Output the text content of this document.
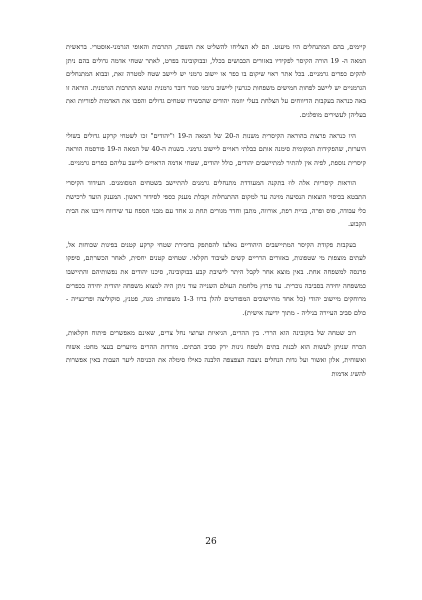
קיימים, בהם המתנחלים היו מיעוט. הם לא הצליחו להשליט את השפה, התרבות והאופי הגרמני-אוסטרי. בראשית המאה ה- 19 הורה הקיסר לפקידיו באזורים הכבושים בכלל, ובבוקובינה בפרט, לאתר שטחי אדמה גדולים בהם ניתן להקים כפרים גרמניים. בכל אתר ראוי שיקום בו כפר או יישוב גרמני יש ליישב שטח למטרה זאת, ובבוא המתנחלים הגרמניים יש ליישב לפחות חמישים משפחות כגרעין ליישוב גרמני סגור דובר גרמנית ונושא התרבות הגרמנית. הוראה זו באה כנראה בעקבות הדיווחים על הצלחת בעלי יוזמה יהודים שהכשירו שטחים גדולים והפכו את האדמות לפוריות ואת בעליהן לעשירים מופלגים.

היו כנראה פרצות בהוראה הקיסרית משנות ה-20 של המאה ה-19 ו"יהודים" זכו לשטחי קרקע גדולים בשולי היערות, שהפקידות המקומית סימנה אותם כבלתי ראויים ליישוב גרמני. בשנות ה-40 של המאה ה-19 פורסמה הוראה קיסרית נוספת, לפיה אין להתיר למתיישבים יהודים, כולל יהודים, שטחי אדמה הראויים ליישב עליהם כפרים גרמניים.

הוראות קיסריות אלה לווּ בתקנה המעודדת מתנחלים גרמנים להתיישב בשטחים המסומנים. העידוד הקיסרי התבטא בכיסוי הוצאות הנסיעה מוינה עד למקום ההתנחלות וקבלת מענק כספי לסידור ראשון. המענק הועד לרכישת כלי עבודה, סוס ופרה, בניית רפת, אורווה, מתבן וחדר מגורים תחת גג אחד עם מבני הספח עד שירווח וייבנו את הבית הקבוע.

בעקבות פקודת הקיסר המתיישבים היהודיים נאלצו להסתפק בחכירת שטחי קרקע קטנים בפינות שכוחות אל, לעתים מוצפות מי שטפונות, באזורים הרריים קשים לעיבוד חקלאי. שטחים קטנים יחסית, לאחר הכשרתם, סיפקו פרנסה למשפחה אחת. באין מוצא אחר לקבל היתר לישיבת קבע בבוקובינה, סיכנו יהודים את נפשותיהם והתיישבו כמשפחה יחידה בסביבה נוכרית. עד פרוץ מלחמת העולם השנייה עוד ניתן היה למצוא משפחה יהודית יחידה בכפרים מרוחקים מיישוב יהודי (כל אחד מהיישובים המפורטים להלן ברוו 1-3 משפחות: מגה, פטנץ, סוקוליצה ופרינצייה - כולם סביב העיירה בניליה - מתוך ידיעה אישית).

רוב שטחה של בוקובינה הוא הררי. בין ההרים, הגיאיות וערוצי נחל צרים, שאינם מאפשרים פיתוח חקלאות, הכרח שניתן לעשות הוא לבנות בתים ולטפח גינות ירק סביב הבתים. מורדות ההרים מיוערים בעצי מחט: אשוח ואשוחית, אלון ואשור ועל גדות הנחלים ניצבה הצפצפה הלבנה כאילו סימלה את הכניסה ליער העבות באין אפשרות להשיג אדמות

26
